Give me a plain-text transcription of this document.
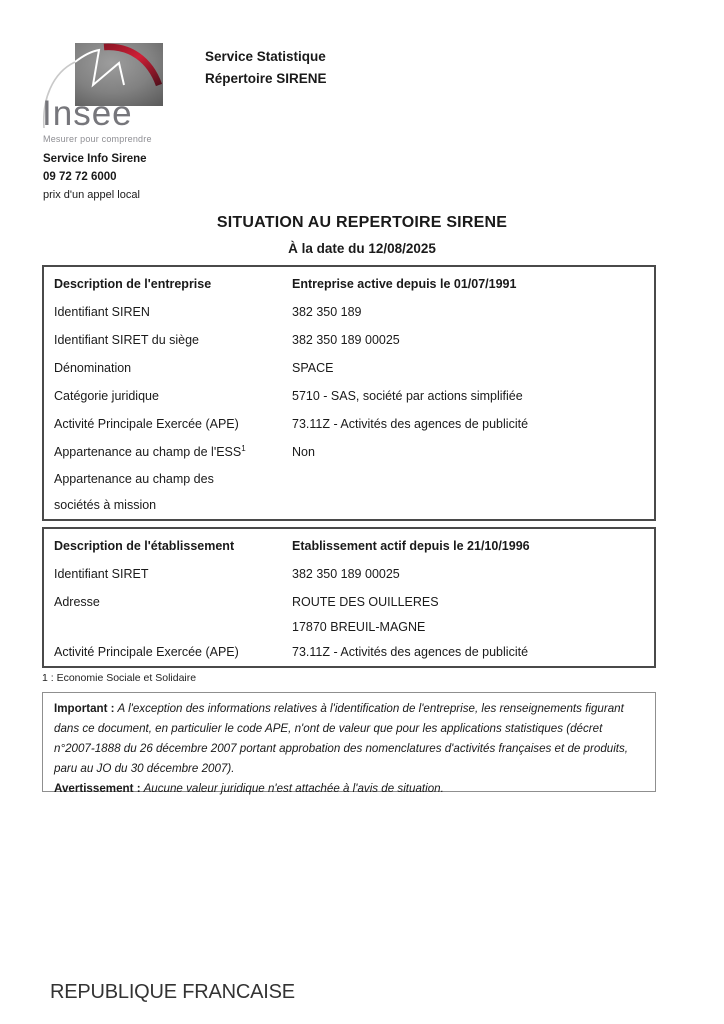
Insee
Mesurer pour comprendre
Service Info Sirene
09 72 72 6000
prix d'un appel local
Service Statistique
Répertoire SIRENE
SITUATION AU REPERTOIRE SIRENE
À la date du 12/08/2025
Description de l'entreprise	Entreprise active depuis le 01/07/1991
Identifiant SIREN	382 350 189
Identifiant SIRET du siège	382 350 189 00025
Dénomination	SPACE
Catégorie juridique	5710 - SAS, société par actions simplifiée
Activité Principale Exercée (APE)	73.11Z - Activités des agences de publicité
Appartenance au champ de l'ESS$^1$	Non
Appartenance au champ des
sociétés à mission
Description de l'établissement	Etablissement actif depuis le 21/10/1996
Identifiant SIRET	382 350 189 00025
Adresse	ROUTE DES OUILLERES
17870 BREUIL-MAGNE
Activité Principale Exercée (APE)	73.11Z - Activités des agences de publicité
1 : Economie Sociale et Solidaire

Important : A l'exception des informations relatives à l'identification de l'entreprise, les renseignements figurant dans ce document, en particulier le code APE, n'ont de valeur que pour les applications statistiques (décret n°2007-1888 du 26 décembre 2007 portant approbation des nomenclatures d'activités françaises et de produits, paru au JO du 30 décembre 2007).

Avertissement : Aucune valeur juridique n'est attachée à l'avis de situation.

REPUBLIQUE FRANCAISE
